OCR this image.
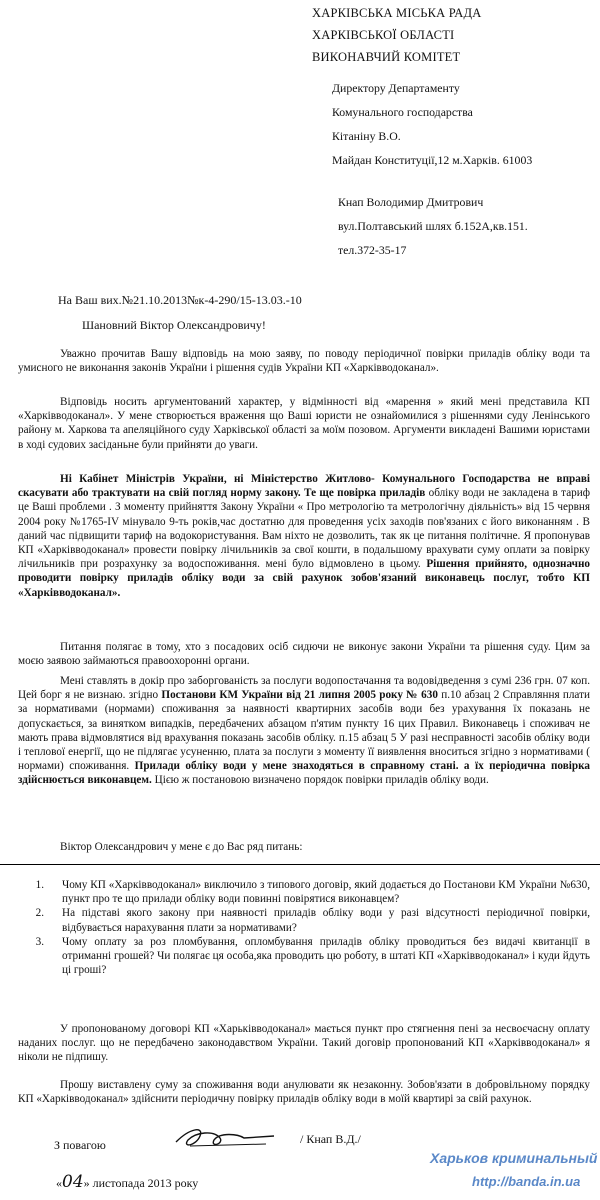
ХАРКІВСЬКА МІСЬКА РАДА
ХАРКІВСЬКОЇ ОБЛАСТІ
ВИКОНАВЧИЙ КОМІТЕТ
Директору Департаменту
Комунального господарства
Кітаніну В.О.
Майдан Конституції,12 м.Харків. 61003
Кнап Володимир Дмитрович
вул.Полтавський шлях б.152А,кв.151.
тел.372-35-17
На Ваш вих.№21.10.2013№к-4-290/15-13.03.-10
Шановний Віктор Олександровичу!

Уважно прочитав Вашу відповідь на мою заяву, по поводу періодичної повірки приладів обліку води та умисного не виконання законів України і рішення судів України КП «Харківводоканал».

Відповідь носить аргументований характер, у відмінності від «марення » який мені представила КП «Харківводоканал». У мене створюється враження що Ваші юристи не ознайомилися з рішеннями суду Ленінського району м. Харкова та апеляційного суду Харківської області за моїм позовом. Аргументи викладені Вашими юристами в ході судових засіданьне були прийняти до уваги.

Ні Кабінет Міністрів України, ні Міністерство Житлово- Комунального Господарства не вправі скасувати або трактувати на свій погляд норму закону. Те ще повірка приладів обліку води не закладена в тариф це Ваші проблеми . З моменту прийняття Закону України « Про метрологію та метрологічну діяльність» від 15 червня 2004 року №1765-IV мінувало 9-ть років,час достатню для проведення усіх заходів пов'язаних с його виконанням . В даний час підвищити тариф на водокористування. Вам ніхто не дозволить, так як це питання політичне. Я пропонував КП «Харківводоканал» провести повірку лічильників за свої кошти, в подальшому врахувати суму оплати за повірку лічильників при розрахунку за водоспоживання. мені було відмовлено в цьому. Рішення прийнято, однозначно проводити повірку приладів обліку води за свій рахунок зобов'язаний виконавець послуг, тобто КП «Харківводоканал».

Питання полягає в тому, хто з посадових осіб сидючи не виконує закони України та рішення суду. Цим за моєю заявою займаються правоохоронні органи.

Мені ставлять в докір про заборгованість за послуги водопостачання та водовідведення з сумі 236 грн. 07 коп. Цей борг я не визнаю. згідно Постанови КМ України від 21 липня 2005 року № 630 п.10 абзац 2 Справляння плати за нормативами (нормами) споживання за наявності квартирних засобів води без урахування їх показань не допускається, за винятком випадків, передбачених абзацом п'ятим пункту 16 цих Правил. Виконавець і споживач не мають права відмовлятися від врахування показань засобів обліку. п.15 абзац 5 У разі несправності засобів обліку води і теплової енергії, що не підлягає усуненню, плата за послуги з моменту її виявлення вноситься згідно з нормативами ( нормами) споживання. Прилади обліку води у мене знаходяться в справному стані. а їх періодична повірка здійснюється виконавцем. Цією ж постановою визначено порядок повірки приладів обліку води.

Віктор Олександрович у мене є до Вас ряд питань:

1. Чому КП «Харківводоканал» виключило з типового договір, який додається до Постанови КМ України №630, пункт про те що прилади обліку води повинні повірятися виконавцем?
2. На підставі якого закону при наявності приладів обліку води у разі відсутності періодичної повірки, відбувається нарахування плати за нормативами?
3. Чому оплату за роз пломбування, опломбування приладів обліку проводиться без видачі квитанції в отриманні грошей? Чи полягає ця особа,яка проводить цю роботу, в штаті КП «Харківводоканал» і куди йдуть ці гроші?

У пропонованому договорі КП «Харьківводоканал» мається пункт про стягнення пені за несвоєчасну оплату наданих послуг. що не передбачено законодавством України. Такий договір пропонований КП «Харківводоканал» я ніколи не підпишу.

Прошу виставлену суму за споживання води анулювати як незаконну. Зобов'язати в добровільному порядку КП «Харківводоканал» здійснити періодичну повірку приладів обліку води в моїй квартирі за свій рахунок.

З повагою	/ Кнап В.Д./
«04» листопада 2013 року
Харьков криминальный
http://banda.in.ua
